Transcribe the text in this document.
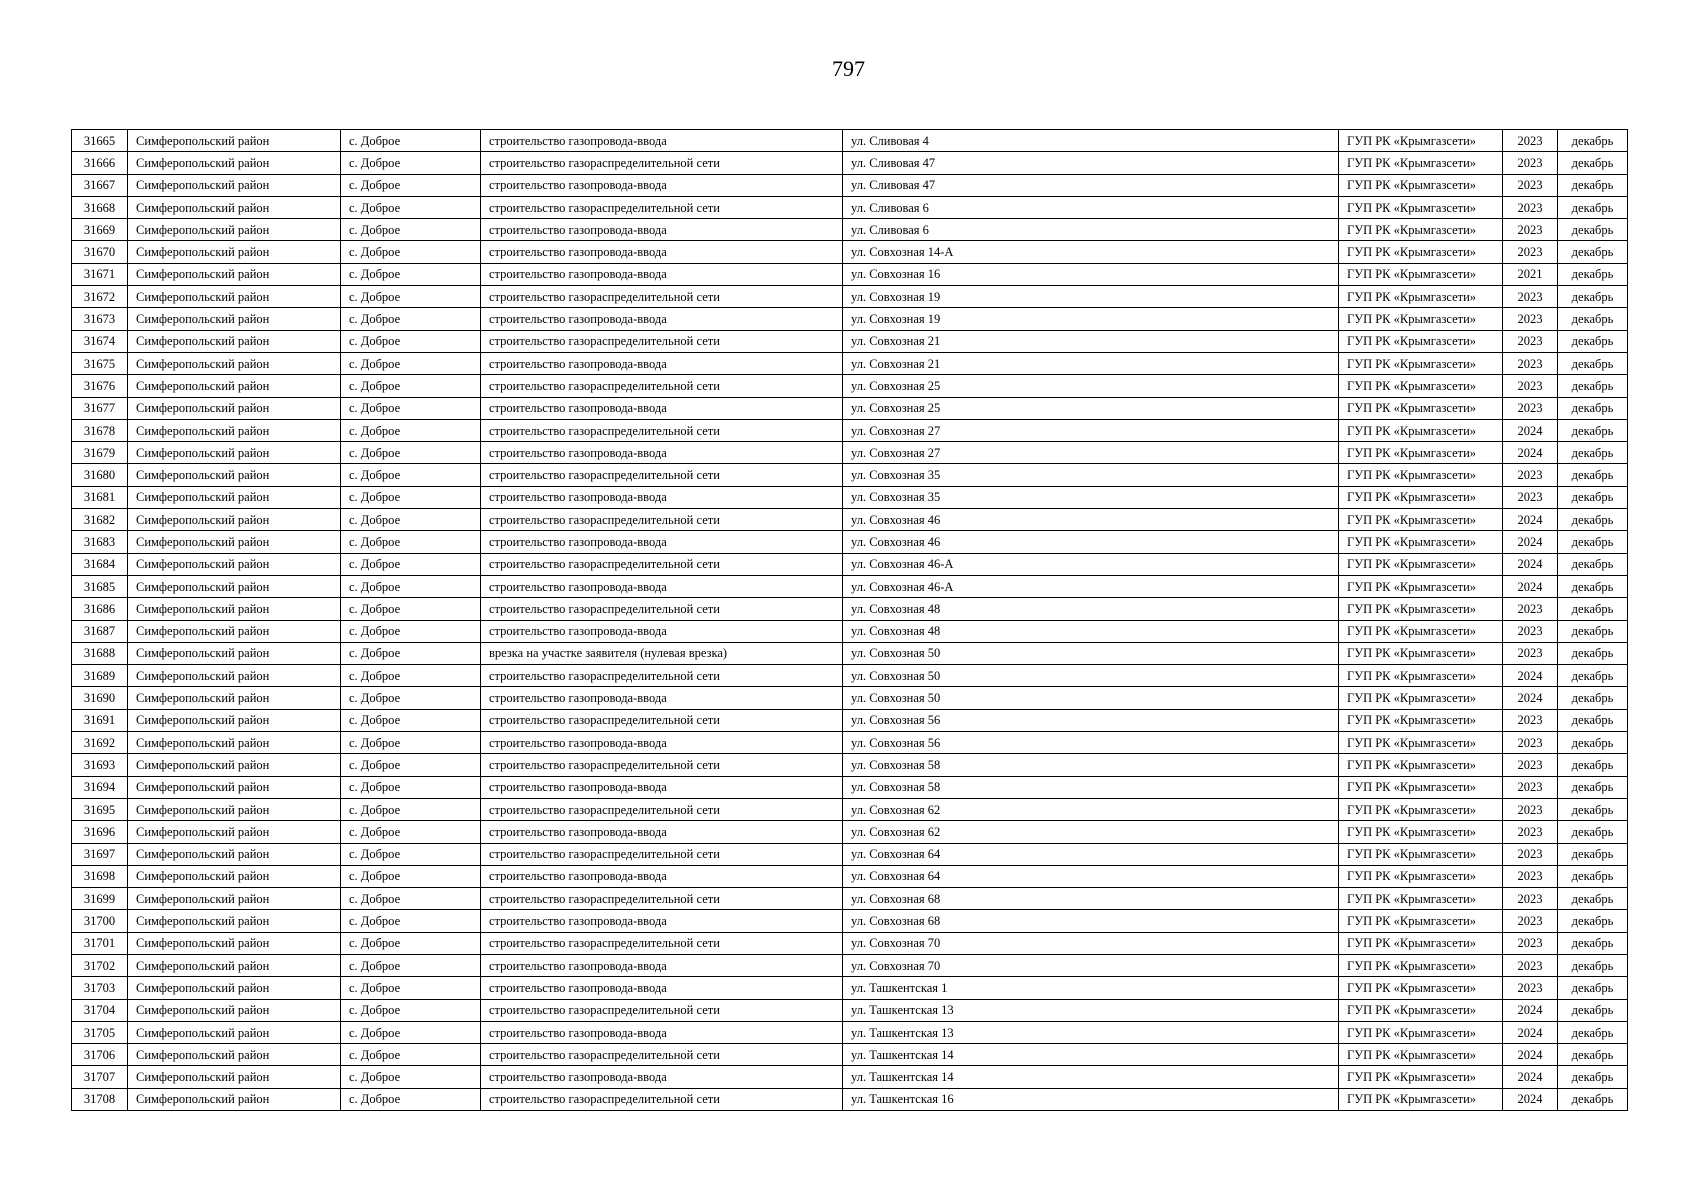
797
31665	Симферопольский район	с. Доброе	строительство газопровода-ввода	ул. Сливовая 4	ГУП РК «Крымгазсети»	2023	декабрь
31666	Симферопольский район	с. Доброе	строительство газораспределительной сети	ул. Сливовая 47	ГУП РК «Крымгазсети»	2023	декабрь
31667	Симферопольский район	с. Доброе	строительство газопровода-ввода	ул. Сливовая 47	ГУП РК «Крымгазсети»	2023	декабрь
31668	Симферопольский район	с. Доброе	строительство газораспределительной сети	ул. Сливовая 6	ГУП РК «Крымгазсети»	2023	декабрь
31669	Симферопольский район	с. Доброе	строительство газопровода-ввода	ул. Сливовая 6	ГУП РК «Крымгазсети»	2023	декабрь
31670	Симферопольский район	с. Доброе	строительство газопровода-ввода	ул. Совхозная 14-А	ГУП РК «Крымгазсети»	2023	декабрь
31671	Симферопольский район	с. Доброе	строительство газопровода-ввода	ул. Совхозная 16	ГУП РК «Крымгазсети»	2021	декабрь
31672	Симферопольский район	с. Доброе	строительство газораспределительной сети	ул. Совхозная 19	ГУП РК «Крымгазсети»	2023	декабрь
31673	Симферопольский район	с. Доброе	строительство газопровода-ввода	ул. Совхозная 19	ГУП РК «Крымгазсети»	2023	декабрь
31674	Симферопольский район	с. Доброе	строительство газораспределительной сети	ул. Совхозная 21	ГУП РК «Крымгазсети»	2023	декабрь
31675	Симферопольский район	с. Доброе	строительство газопровода-ввода	ул. Совхозная 21	ГУП РК «Крымгазсети»	2023	декабрь
31676	Симферопольский район	с. Доброе	строительство газораспределительной сети	ул. Совхозная 25	ГУП РК «Крымгазсети»	2023	декабрь
31677	Симферопольский район	с. Доброе	строительство газопровода-ввода	ул. Совхозная 25	ГУП РК «Крымгазсети»	2023	декабрь
31678	Симферопольский район	с. Доброе	строительство газораспределительной сети	ул. Совхозная 27	ГУП РК «Крымгазсети»	2024	декабрь
31679	Симферопольский район	с. Доброе	строительство газопровода-ввода	ул. Совхозная 27	ГУП РК «Крымгазсети»	2024	декабрь
31680	Симферопольский район	с. Доброе	строительство газораспределительной сети	ул. Совхозная 35	ГУП РК «Крымгазсети»	2023	декабрь
31681	Симферопольский район	с. Доброе	строительство газопровода-ввода	ул. Совхозная 35	ГУП РК «Крымгазсети»	2023	декабрь
31682	Симферопольский район	с. Доброе	строительство газораспределительной сети	ул. Совхозная 46	ГУП РК «Крымгазсети»	2024	декабрь
31683	Симферопольский район	с. Доброе	строительство газопровода-ввода	ул. Совхозная 46	ГУП РК «Крымгазсети»	2024	декабрь
31684	Симферопольский район	с. Доброе	строительство газораспределительной сети	ул. Совхозная 46-А	ГУП РК «Крымгазсети»	2024	декабрь
31685	Симферопольский район	с. Доброе	строительство газопровода-ввода	ул. Совхозная 46-А	ГУП РК «Крымгазсети»	2024	декабрь
31686	Симферопольский район	с. Доброе	строительство газораспределительной сети	ул. Совхозная 48	ГУП РК «Крымгазсети»	2023	декабрь
31687	Симферопольский район	с. Доброе	строительство газопровода-ввода	ул. Совхозная 48	ГУП РК «Крымгазсети»	2023	декабрь
31688	Симферопольский район	с. Доброе	врезка на участке заявителя (нулевая врезка)	ул. Совхозная 50	ГУП РК «Крымгазсети»	2023	декабрь
31689	Симферопольский район	с. Доброе	строительство газораспределительной сети	ул. Совхозная 50	ГУП РК «Крымгазсети»	2024	декабрь
31690	Симферопольский район	с. Доброе	строительство газопровода-ввода	ул. Совхозная 50	ГУП РК «Крымгазсети»	2024	декабрь
31691	Симферопольский район	с. Доброе	строительство газораспределительной сети	ул. Совхозная 56	ГУП РК «Крымгазсети»	2023	декабрь
31692	Симферопольский район	с. Доброе	строительство газопровода-ввода	ул. Совхозная 56	ГУП РК «Крымгазсети»	2023	декабрь
31693	Симферопольский район	с. Доброе	строительство газораспределительной сети	ул. Совхозная 58	ГУП РК «Крымгазсети»	2023	декабрь
31694	Симферопольский район	с. Доброе	строительство газопровода-ввода	ул. Совхозная 58	ГУП РК «Крымгазсети»	2023	декабрь
31695	Симферопольский район	с. Доброе	строительство газораспределительной сети	ул. Совхозная 62	ГУП РК «Крымгазсети»	2023	декабрь
31696	Симферопольский район	с. Доброе	строительство газопровода-ввода	ул. Совхозная 62	ГУП РК «Крымгазсети»	2023	декабрь
31697	Симферопольский район	с. Доброе	строительство газораспределительной сети	ул. Совхозная 64	ГУП РК «Крымгазсети»	2023	декабрь
31698	Симферопольский район	с. Доброе	строительство газопровода-ввода	ул. Совхозная 64	ГУП РК «Крымгазсети»	2023	декабрь
31699	Симферопольский район	с. Доброе	строительство газораспределительной сети	ул. Совхозная 68	ГУП РК «Крымгазсети»	2023	декабрь
31700	Симферопольский район	с. Доброе	строительство газопровода-ввода	ул. Совхозная 68	ГУП РК «Крымгазсети»	2023	декабрь
31701	Симферопольский район	с. Доброе	строительство газораспределительной сети	ул. Совхозная 70	ГУП РК «Крымгазсети»	2023	декабрь
31702	Симферопольский район	с. Доброе	строительство газопровода-ввода	ул. Совхозная 70	ГУП РК «Крымгазсети»	2023	декабрь
31703	Симферопольский район	с. Доброе	строительство газопровода-ввода	ул. Ташкентская 1	ГУП РК «Крымгазсети»	2023	декабрь
31704	Симферопольский район	с. Доброе	строительство газораспределительной сети	ул. Ташкентская 13	ГУП РК «Крымгазсети»	2024	декабрь
31705	Симферопольский район	с. Доброе	строительство газопровода-ввода	ул. Ташкентская 13	ГУП РК «Крымгазсети»	2024	декабрь
31706	Симферопольский район	с. Доброе	строительство газораспределительной сети	ул. Ташкентская 14	ГУП РК «Крымгазсети»	2024	декабрь
31707	Симферопольский район	с. Доброе	строительство газопровода-ввода	ул. Ташкентская 14	ГУП РК «Крымгазсети»	2024	декабрь
31708	Симферопольский район	с. Доброе	строительство газораспределительной сети	ул. Ташкентская 16	ГУП РК «Крымгазсети»	2024	декабрь
